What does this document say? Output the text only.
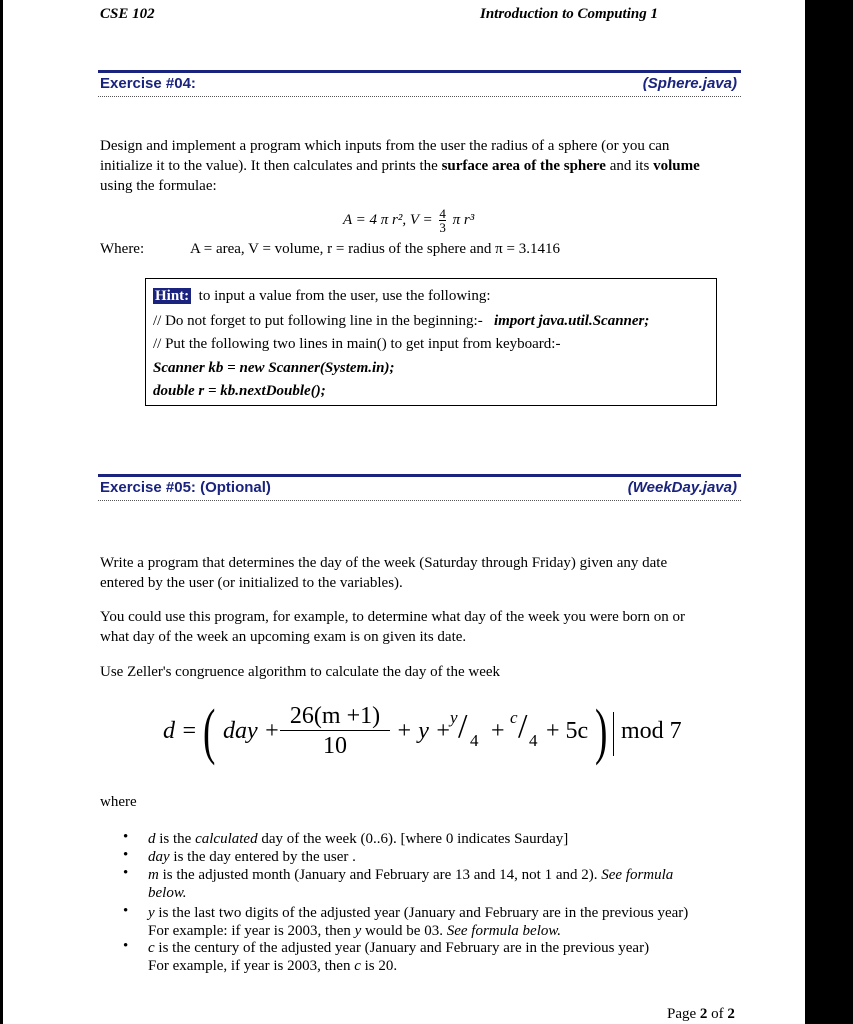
CSE 102	Introduction to Computing 1
Exercise #04:	(Sphere.java)
Design and implement a program which inputs from the user the radius of a sphere (or you can
initialize it to the value). It then calculates and prints the surface area of the sphere and its volume
using the formulae:
A = 4 π r², $V = \frac{4}{3}$ π r³
Where:	A = area, V = volume, r = radius of the sphere and π = 3.1416
Hint: to input a value from the user, use the following:
// Do not forget to put following line in the beginning:- import java.util.Scanner;
// Put the following two lines in main() to get input from keyboard:-
Scanner kb = new Scanner(System.in);
double r = kb.nextDouble();
Exercise #05: (Optional)	(WeekDay.java)
Write a program that determines the day of the week (Saturday through Friday) given any date
entered by the user (or initialized to the variables).
You could use this program, for example, to determine what day of the week you were born on or
what day of the week an upcoming exam is on given its date.
Use Zeller's congruence algorithm to calculate the day of the week
d = ( day +
26(m +1)
10
+ y +
y / 4 +
c / 4 + 5c ) mod 7
where
• d is the calculated day of the week (0..6). [where 0 indicates Saurday]
• day is the day entered by the user .
• m is the adjusted month (January and February are 13 and 14, not 1 and 2). See formula
below.
• y is the last two digits of the adjusted year (January and February are in the previous year)
For example: if year is 2003, then y would be 03. See formula below.
• c is the century of the adjusted year (January and February are in the previous year)
For example, if year is 2003, then c is 20.
Page 2 of 2
